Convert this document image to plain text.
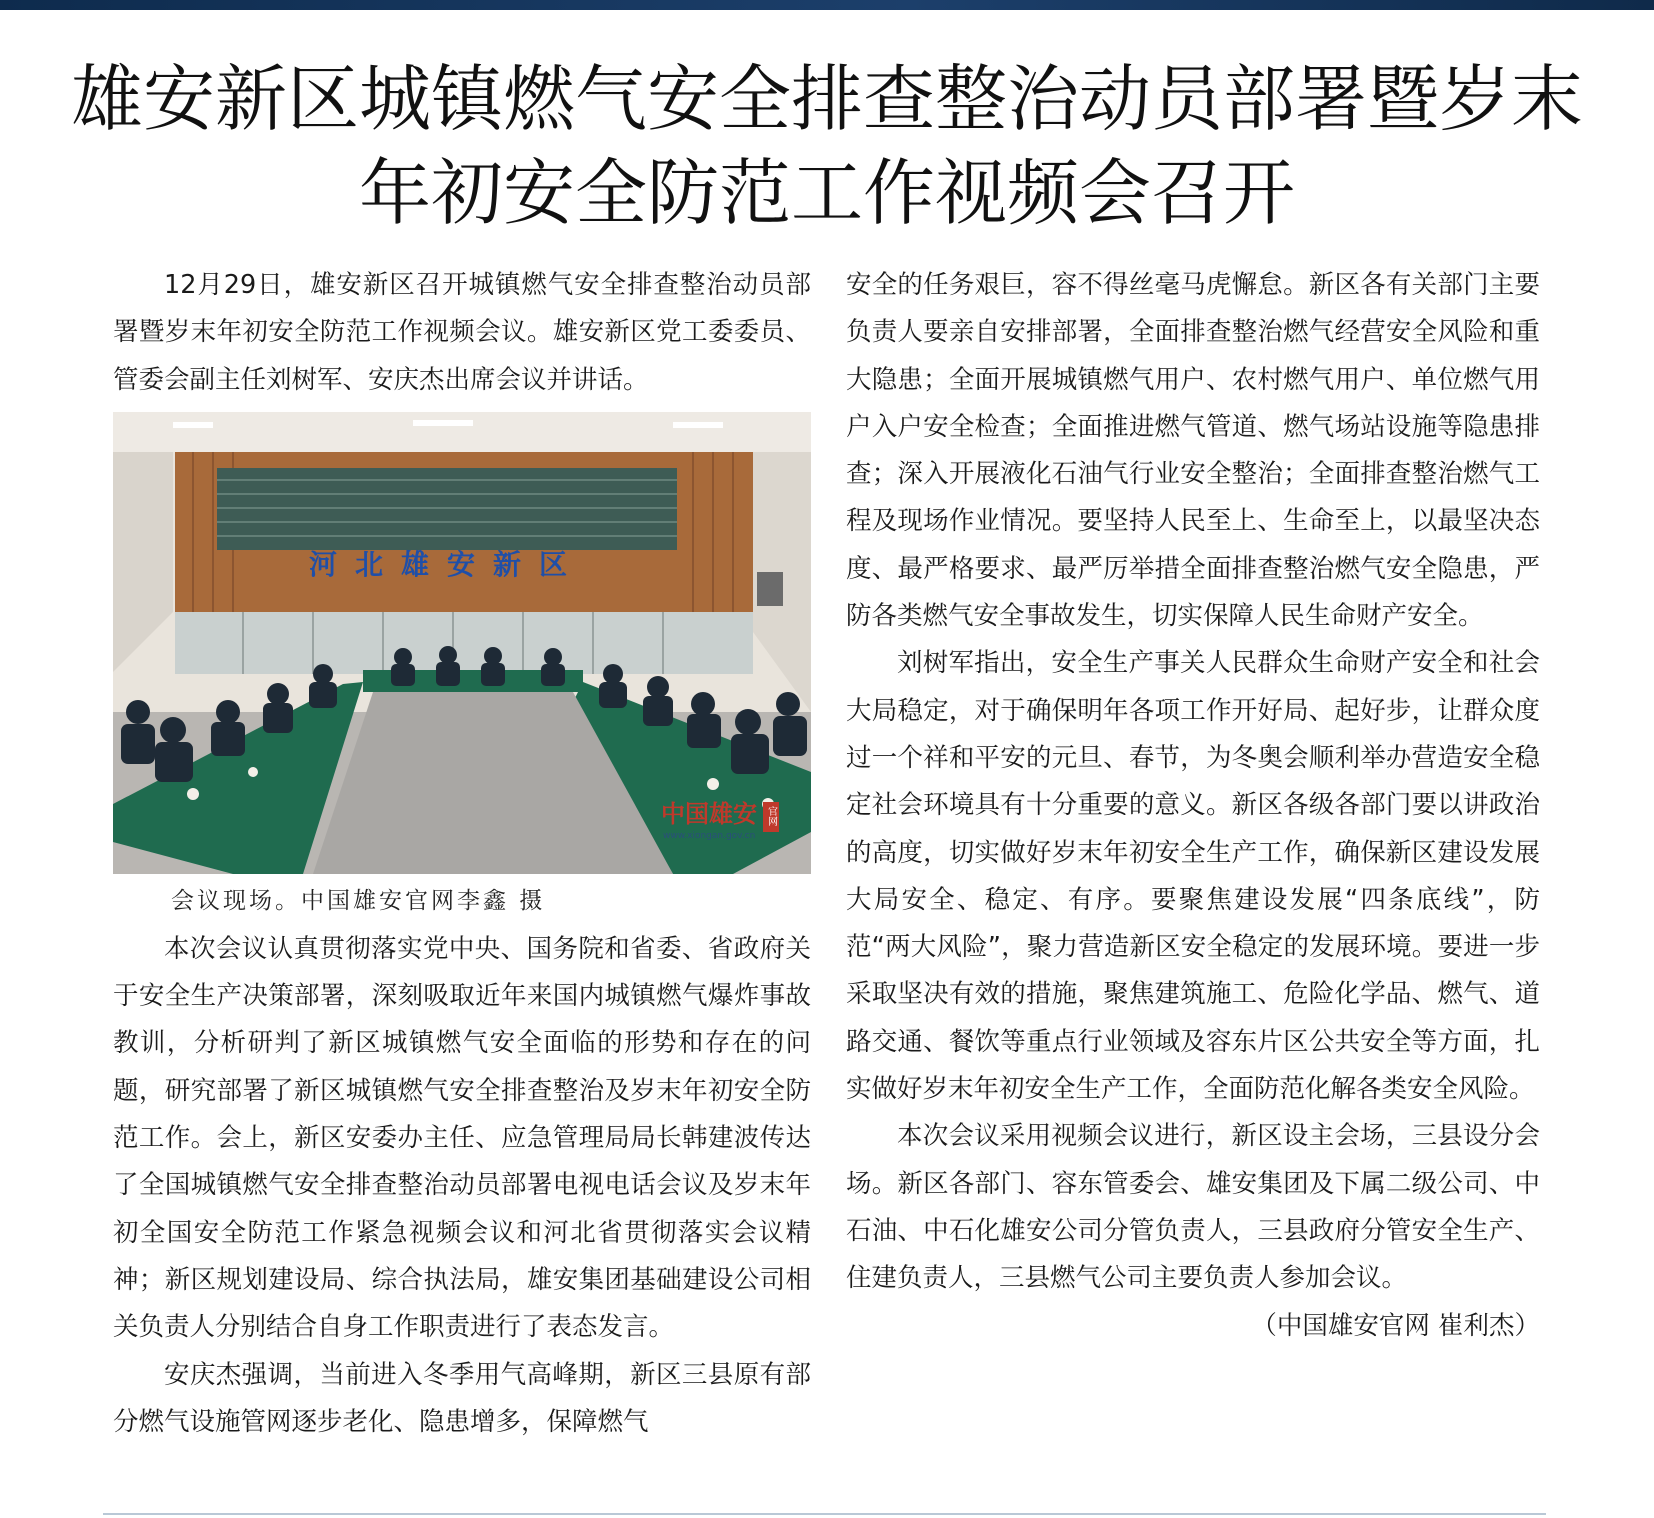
雄安新区城镇燃气安全排查整治动员部署暨岁末
年初安全防范工作视频会召开

12月29日，雄安新区召开城镇燃气安全排查整治动员部署暨岁末年初安全防范工作视频会议。雄安新区党工委委员、管委会副主任刘树军、安庆杰出席会议并讲话。

河北雄安新区
中国雄安 官网
www.xiongan.gov.cn

会议现场。中国雄安官网李鑫 摄

本次会议认真贯彻落实党中央、国务院和省委、省政府关于安全生产决策部署，深刻吸取近年来国内城镇燃气爆炸事故教训，分析研判了新区城镇燃气安全面临的形势和存在的问题，研究部署了新区城镇燃气安全排查整治及岁末年初安全防范工作。会上，新区安委办主任、应急管理局局长韩建波传达了全国城镇燃气安全排查整治动员部署电视电话会议及岁末年初全国安全防范工作紧急视频会议和河北省贯彻落实会议精神；新区规划建设局、综合执法局，雄安集团基础建设公司相关负责人分别结合自身工作职责进行了表态发言。

安庆杰强调，当前进入冬季用气高峰期，新区三县原有部分燃气设施管网逐步老化、隐患增多，保障燃气

安全的任务艰巨，容不得丝毫马虎懈怠。新区各有关部门主要负责人要亲自安排部署，全面排查整治燃气经营安全风险和重大隐患；全面开展城镇燃气用户、农村燃气用户、单位燃气用户入户安全检查；全面推进燃气管道、燃气场站设施等隐患排查；深入开展液化石油气行业安全整治；全面排查整治燃气工程及现场作业情况。要坚持人民至上、生命至上，以最坚决态度、最严格要求、最严厉举措全面排查整治燃气安全隐患，严防各类燃气安全事故发生，切实保障人民生命财产安全。

刘树军指出，安全生产事关人民群众生命财产安全和社会大局稳定，对于确保明年各项工作开好局、起好步，让群众度过一个祥和平安的元旦、春节，为冬奥会顺利举办营造安全稳定社会环境具有十分重要的意义。新区各级各部门要以讲政治的高度，切实做好岁末年初安全生产工作，确保新区建设发展大局安全、稳定、有序。要聚焦建设发展“四条底线”，防范“两大风险”，聚力营造新区安全稳定的发展环境。要进一步采取坚决有效的措施，聚焦建筑施工、危险化学品、燃气、道路交通、餐饮等重点行业领域及容东片区公共安全等方面，扎实做好岁末年初安全生产工作，全面防范化解各类安全风险。

本次会议采用视频会议进行，新区设主会场，三县设分会场。新区各部门、容东管委会、雄安集团及下属二级公司、中石油、中石化雄安公司分管负责人，三县政府分管安全生产、住建负责人，三县燃气公司主要负责人参加会议。
（中国雄安官网 崔利杰）
